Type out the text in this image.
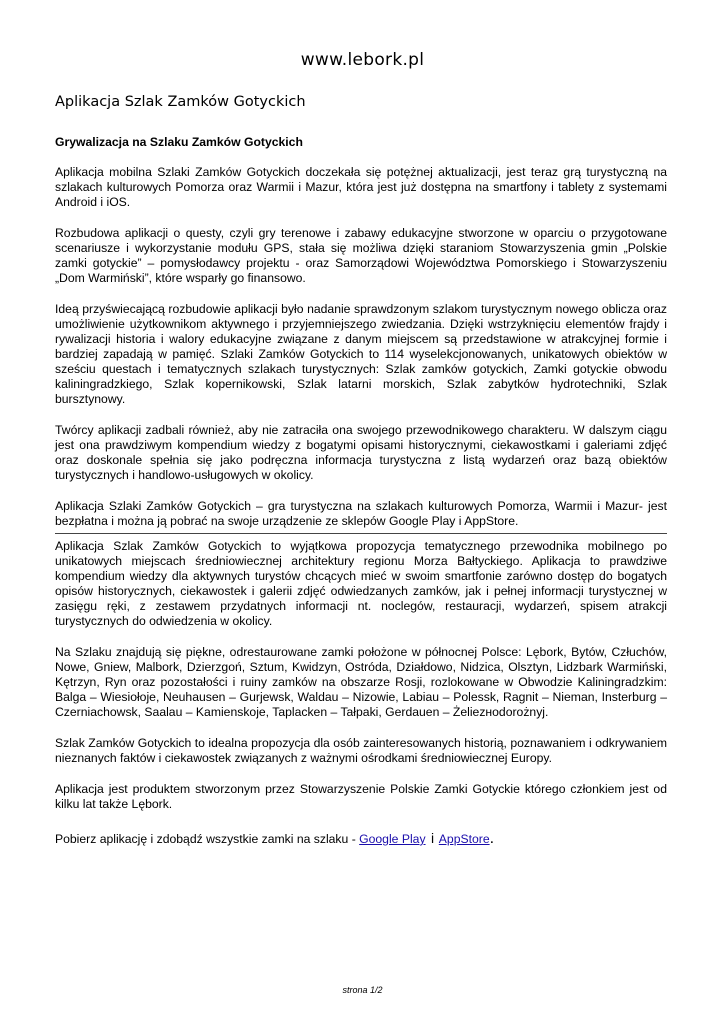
www.lebork.pl
Aplikacja Szlak Zamków Gotyckich
Grywalizacja na Szlaku Zamków Gotyckich

Aplikacja mobilna Szlaki Zamków Gotyckich doczekała się potężnej aktualizacji, jest teraz grą turystyczną na szlakach kulturowych Pomorza oraz Warmii i Mazur, która jest już dostępna na smartfony i tablety z systemami Android i iOS.

Rozbudowa aplikacji o questy, czyli gry terenowe i zabawy edukacyjne stworzone w oparciu o przygotowane scenariusze i wykorzystanie modułu GPS, stała się możliwa dzięki staraniom Stowarzyszenia gmin „Polskie zamki gotyckie” – pomysłodawcy projektu - oraz Samorządowi Województwa Pomorskiego i Stowarzyszeniu „Dom Warmiński”, które wsparły go finansowo.

Ideą przyświecającą rozbudowie aplikacji było nadanie sprawdzonym szlakom turystycznym nowego oblicza oraz umożliwienie użytkownikom aktywnego i przyjemniejszego zwiedzania. Dzięki wstrzyknięciu elementów frajdy i rywalizacji historia i walory edukacyjne związane z danym miejscem są przedstawione w atrakcyjnej formie i bardziej zapadają w pamięć. Szlaki Zamków Gotyckich to 114 wyselekcjonowanych, unikatowych obiektów w sześciu questach i tematycznych szlakach turystycznych: Szlak zamków gotyckich, Zamki gotyckie obwodu kaliningradzkiego, Szlak kopernikowski, Szlak latarni morskich, Szlak zabytków hydrotechniki, Szlak bursztynowy.

Twórcy aplikacji zadbali również, aby nie zatraciła ona swojego przewodnikowego charakteru. W dalszym ciągu jest ona prawdziwym kompendium wiedzy z bogatymi opisami historycznymi, ciekawostkami i galeriami zdjęć oraz doskonale spełnia się jako podręczna informacja turystyczna z listą wydarzeń oraz bazą obiektów turystycznych i handlowo-usługowych w okolicy.

Aplikacja Szlaki Zamków Gotyckich – gra turystyczna na szlakach kulturowych Pomorza, Warmii i Mazur- jest bezpłatna i można ją pobrać na swoje urządzenie ze sklepów Google Play i AppStore.

Aplikacja Szlak Zamków Gotyckich to wyjątkowa propozycja tematycznego przewodnika mobilnego po unikatowych miejscach średniowiecznej architektury regionu Morza Bałtyckiego. Aplikacja to prawdziwe kompendium wiedzy dla aktywnych turystów chcących mieć w swoim smartfonie zarówno dostęp do bogatych opisów historycznych, ciekawostek i galerii zdjęć odwiedzanych zamków, jak i pełnej informacji turystycznej w zasięgu ręki, z zestawem przydatnych informacji nt. noclegów, restauracji, wydarzeń, spisem atrakcji turystycznych do odwiedzenia w okolicy.

Na Szlaku znajdują się piękne, odrestaurowane zamki położone w północnej Polsce: Lębork, Bytów, Człuchów, Nowe, Gniew, Malbork, Dzierzgoń, Sztum, Kwidzyn, Ostróda, Działdowo, Nidzica, Olsztyn, Lidzbark Warmiński, Kętrzyn, Ryn oraz pozostałości i ruiny zamków na obszarze Rosji, rozlokowane w Obwodzie Kaliningradzkim: Balga – Wiesiołoje, Neuhausen – Gurjewsk, Waldau – Nizowie, Labiau – Polessk, Ragnit – Nieman, Insterburg – Czerniachowsk, Saalau – Kamienskoje, Taplacken – Tałpaki, Gerdauen – Żeliezнodorożnyj.

Szlak Zamków Gotyckich to idealna propozycja dla osób zainteresowanych historią, poznawaniem i odkrywaniem nieznanych faktów i ciekawostek związanych z ważnymi ośrodkami średniowiecznej Europy.

Aplikacja jest produktem stworzonym przez Stowarzyszenie Polskie Zamki Gotyckie którego członkiem jest od kilku lat także Lębork.

Pobierz aplikację i zdobądź wszystkie zamki na szlaku - Google Play i AppStore.

strona 1/2
